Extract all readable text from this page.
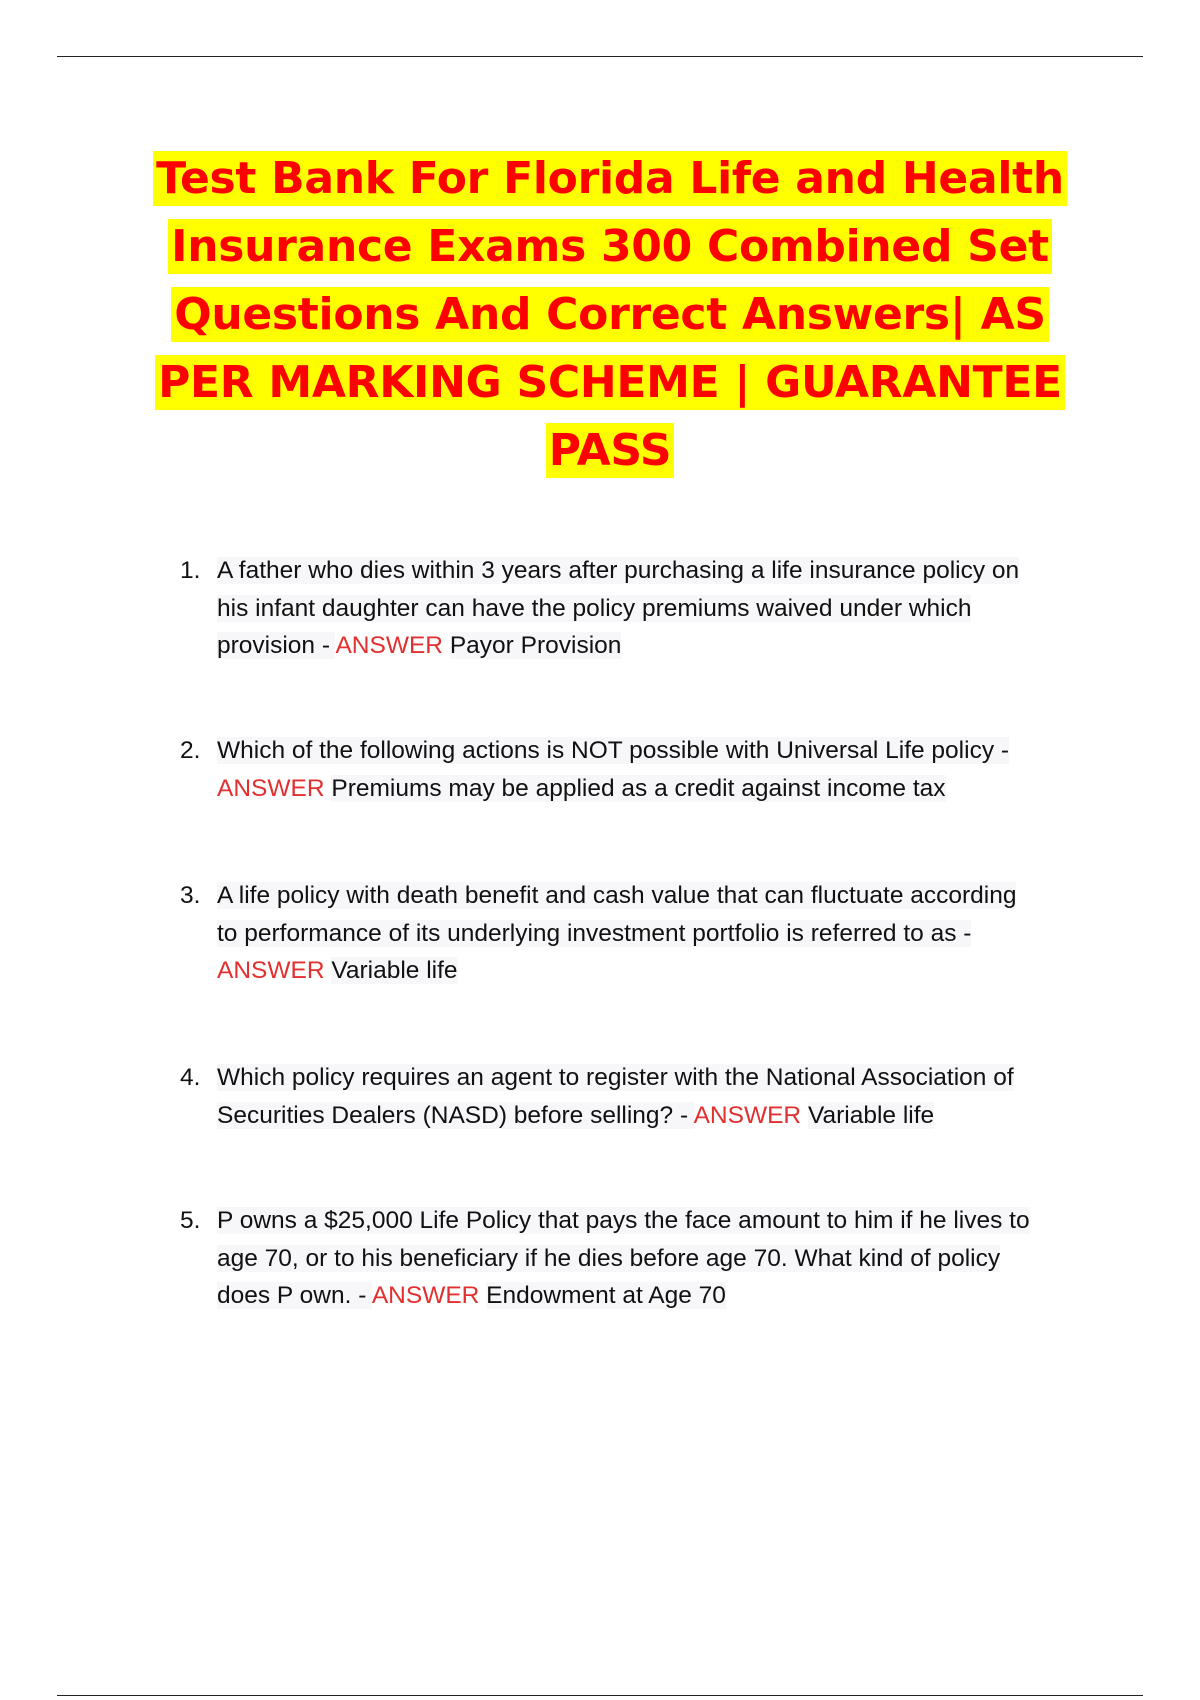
Test Bank For Florida Life and Health
Insurance Exams 300 Combined Set
Questions And Correct Answers| AS
PER MARKING SCHEME | GUARANTEE
PASS
1. A father who dies within 3 years after purchasing a life insurance policy on
his infant daughter can have the policy premiums waived under which
provision - ANSWER Payor Provision
2. Which of the following actions is NOT possible with Universal Life policy -
ANSWER Premiums may be applied as a credit against income tax
3. A life policy with death benefit and cash value that can fluctuate according
to performance of its underlying investment portfolio is referred to as -
ANSWER Variable life
4. Which policy requires an agent to register with the National Association of
Securities Dealers (NASD) before selling? - ANSWER Variable life
5. P owns a $25,000 Life Policy that pays the face amount to him if he lives to
age 70, or to his beneficiary if he dies before age 70. What kind of policy
does P own. - ANSWER Endowment at Age 70
